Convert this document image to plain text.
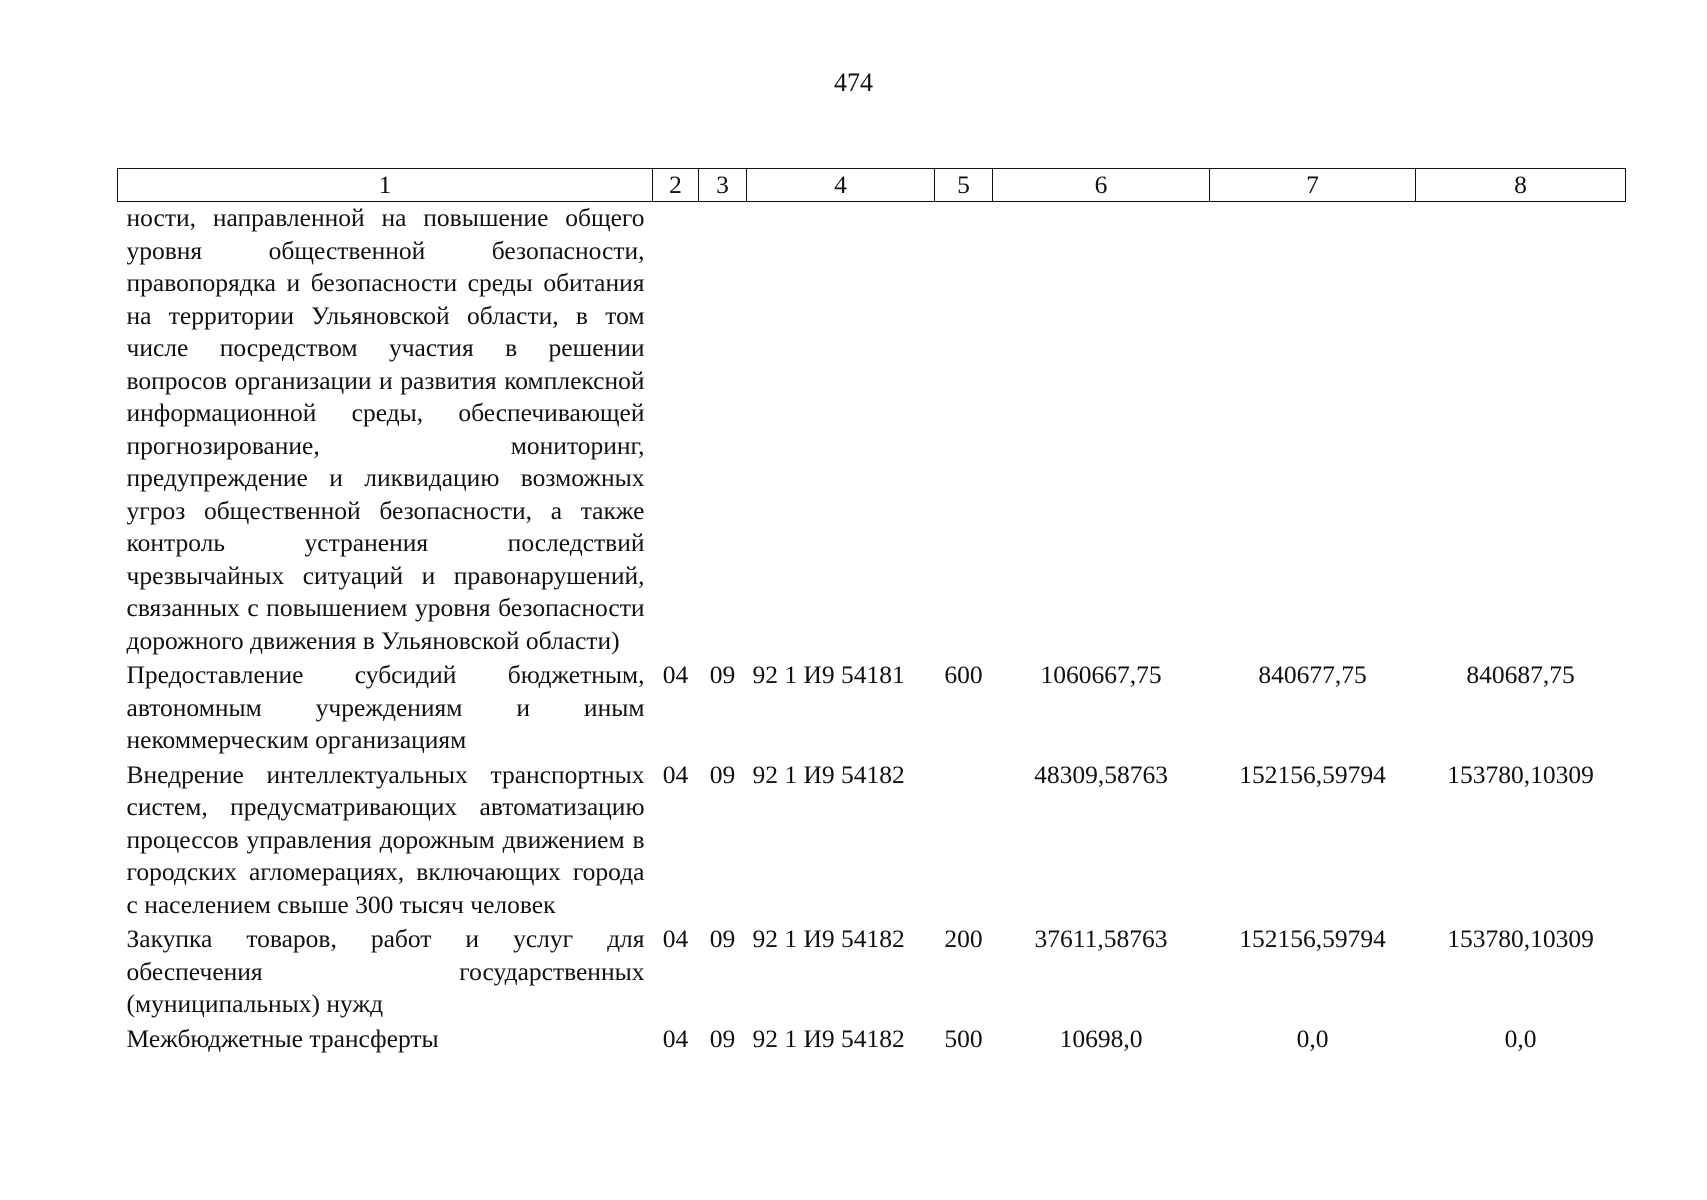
474
1	2	3	4	5	6	7	8
ности, направленной на повышение общего уровня общественной безопасности, правопорядка и безопасности среды обитания на территории Ульяновской области, в том числе посредством участия в решении вопросов организации и развития комплексной информационной среды, обеспечивающей прогнозирование, мониторинг, предупреждение и ликвидацию возможных угроз общественной безопасности, а также контроль устранения последствий чрезвычайных ситуаций и правонарушений, связанных с повышением уровня безопасности дорожного движения в Ульяновской области)							
Предоставление субсидий бюджетным, автономным учреждениям и иным некоммерческим организациям	04	09	92 1 И9 54181	600	1060667,75	840677,75	840687,75
Внедрение интеллектуальных транспортных систем, предусматривающих автоматизацию процессов управления дорожным движением в городских агломерациях, включающих города с населением свыше 300 тысяч человек	04	09	92 1 И9 54182		48309,58763	152156,59794	153780,10309
Закупка товаров, работ и услуг для обеспечения государственных (муниципальных) нужд	04	09	92 1 И9 54182	200	37611,58763	152156,59794	153780,10309
Межбюджетные трансферты	04	09	92 1 И9 54182	500	10698,0	0,0	0,0
